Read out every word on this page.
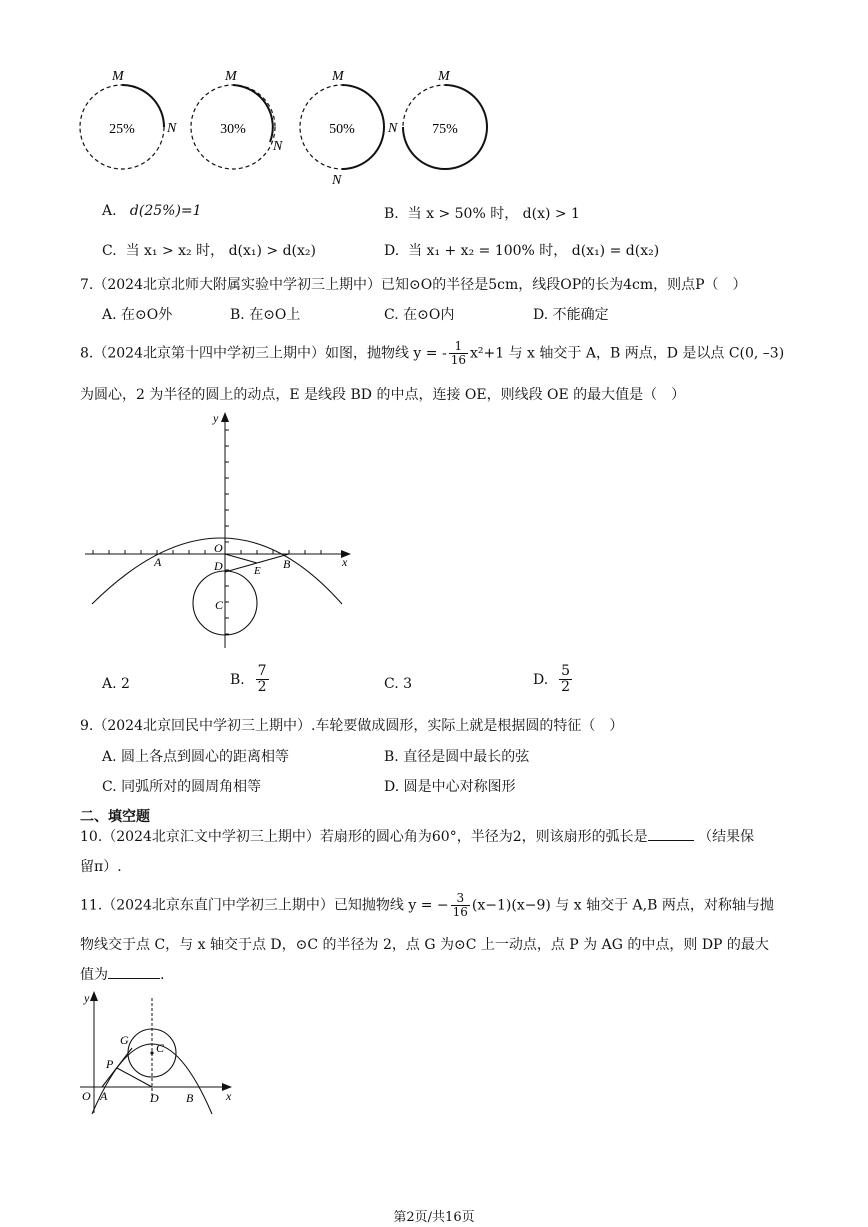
25%
M
N	30%
M
N
50%
M
N
75%
M
N
A. d(25%)=1	B. 当 x > 50% 时， d(x) > 1
C. 当 x₁ > x₂ 时， d(x₁) > d(x₂)	D. 当 x₁ + x₂ = 100% 时， d(x₁) = d(x₂)
7.（2024北京北师大附属实验中学初三上期中）已知⊙O的半径是5cm，线段OP的长为4cm，则点P（　）
A. 在⊙O外	B. 在⊙O上	C. 在⊙O内	D. 不能确定
8.（2024北京第十四中学初三上期中）如图，抛物线 y = - $\frac{1}{16} x^2+1$ 与 x 轴交于 A，B 两点，D 是以点 C(0, –3)
为圆心，2 为半径的圆上的动点，E 是线段 BD 的中点，连接 OE，则线段 OE 的最大值是（　）
y
x
O
A	B
D	E
C
A. 2	B. $\frac{7}{2}$	C. 3	D. $\frac{5}{2}$
9.（2024北京回民中学初三上期中）.车轮要做成圆形，实际上就是根据圆的特征（　）
A. 圆上各点到圆心的距离相等	B. 直径是圆中最长的弦
C. 同弧所对的圆周角相等	D. 圆是中心对称图形
二、填空题
10.（2024北京汇文中学初三上期中）若扇形的圆心角为60°，半径为2，则该扇形的弧长是	（结果保
留π）.
11.（2024北京东直门中学初三上期中）已知抛物线 y = − $\frac{3}{16} (x-1)(x-9)$ 与 x 轴交于 A,B 两点，对称轴与抛
物线交于点 C，与 x 轴交于点 D，⊙C 的半径为 2，点 G 为⊙C 上一动点，点 P 为 AG 的中点，则 DP 的最大
值为	.
y
x
O A	D B
G
C
P
第2页/共16页
